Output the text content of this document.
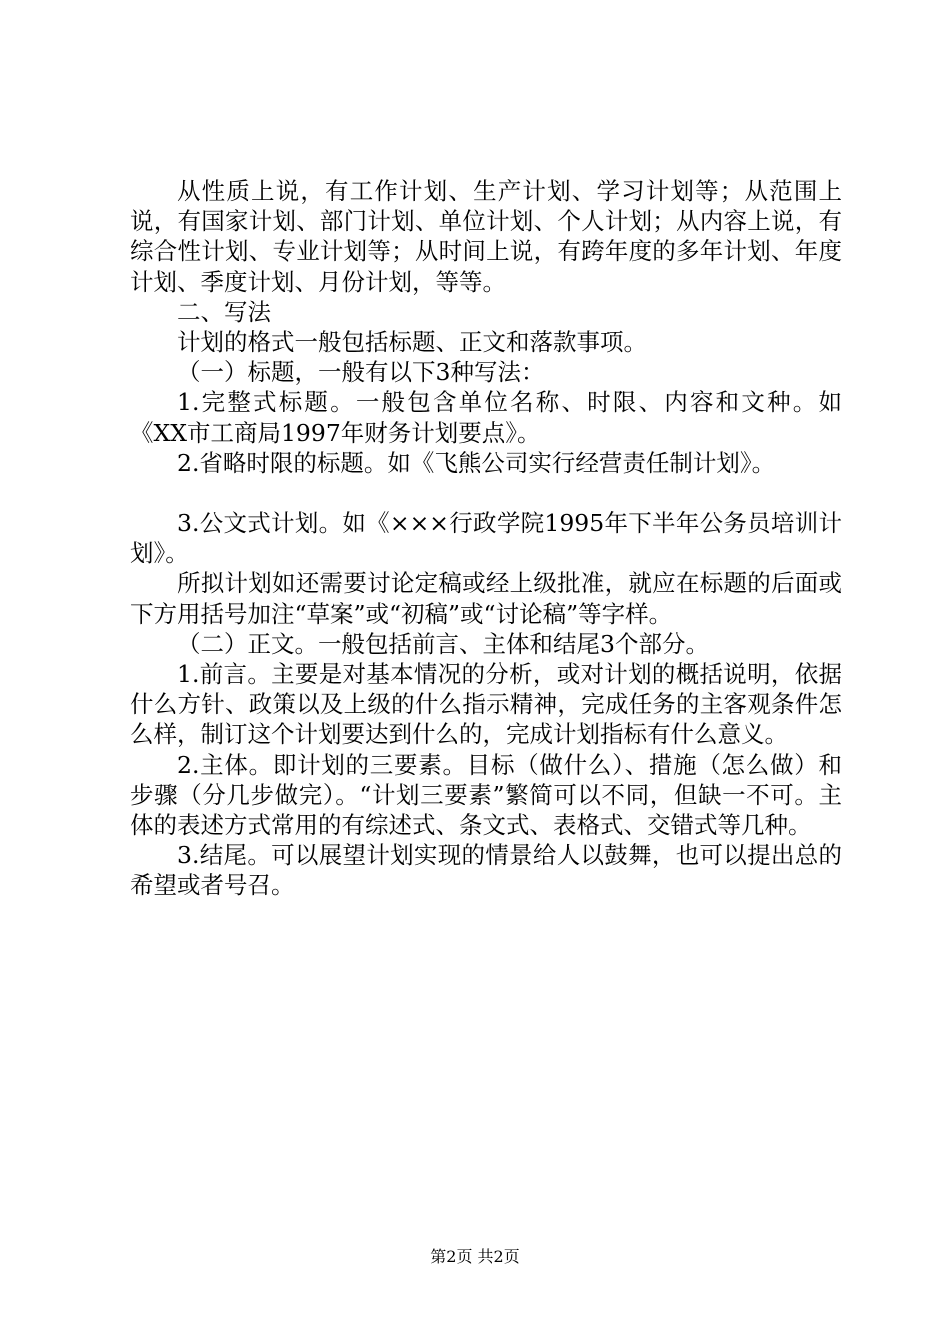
从性质上说，有工作计划、生产计划、学习计划等；从范围上说，有国家计划、部门计划、单位计划、个人计划；从内容上说，有综合性计划、专业计划等；从时间上说，有跨年度的多年计划、年度计划、季度计划、月份计划，等等。

二、写法

计划的格式一般包括标题、正文和落款事项。

（一）标题，一般有以下3种写法：

1.完整式标题。一般包含单位名称、时限、内容和文种。如《XX市工商局1997年财务计划要点》。

2.省略时限的标题。如《飞熊公司实行经营责任制计划》。

3.公文式计划。如《×××行政学院1995年下半年公务员培训计划》。

所拟计划如还需要讨论定稿或经上级批准，就应在标题的后面或下方用括号加注“草案”或“初稿”或“讨论稿”等字样。

（二）正文。一般包括前言、主体和结尾3个部分。

1.前言。主要是对基本情况的分析，或对计划的概括说明，依据什么方针、政策以及上级的什么指示精神，完成任务的主客观条件怎么样，制订这个计划要达到什么的，完成计划指标有什么意义。

2.主体。即计划的三要素。目标（做什么）、措施（怎么做）和步骤（分几步做完）。“计划三要素”繁简可以不同，但缺一不可。主体的表述方式常用的有综述式、条文式、表格式、交错式等几种。

3.结尾。可以展望计划实现的情景给人以鼓舞，也可以提出总的希望或者号召。

第2页 共2页
